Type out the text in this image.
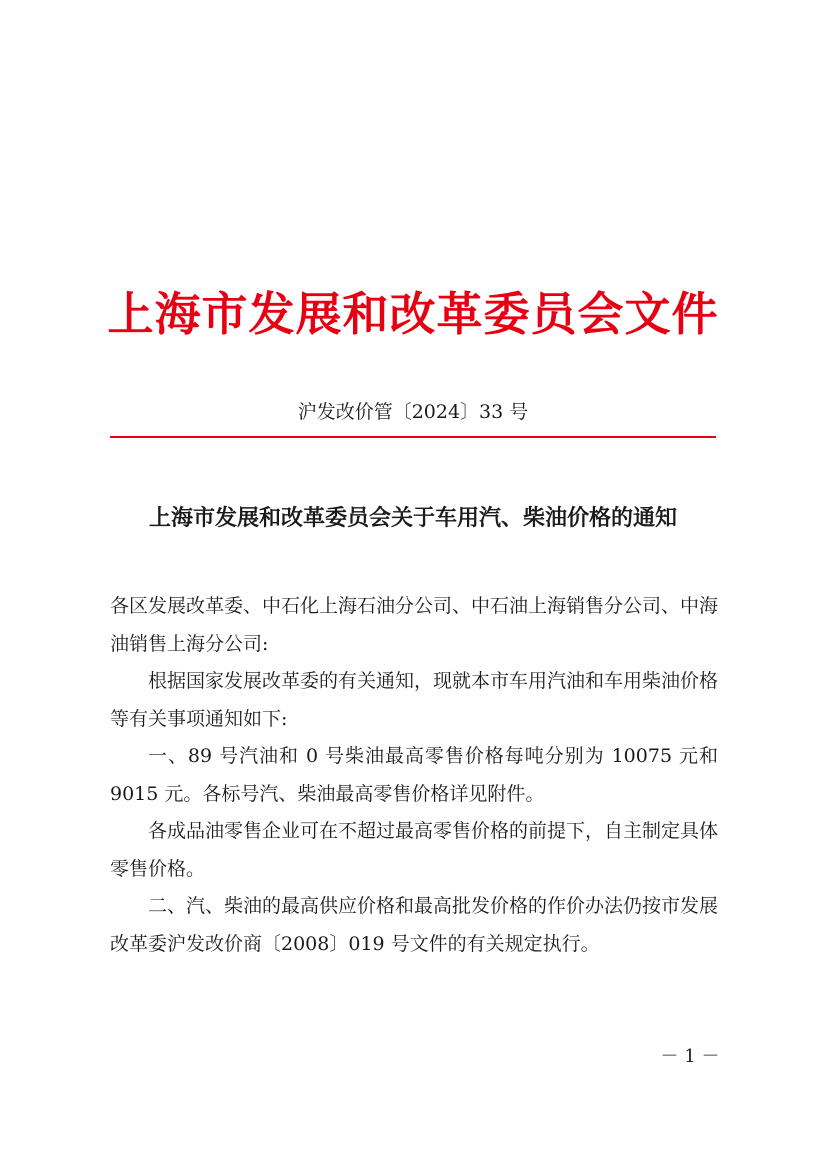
上海市发展和改革委员会文件
沪发改价管〔2024〕33 号
上海市发展和改革委员会关于车用汽、柴油价格的通知

各区发展改革委、中石化上海石油分公司、中石油上海销售分公司、中海油销售上海分公司:

根据国家发展改革委的有关通知，现就本市车用汽油和车用柴油价格等有关事项通知如下:

一、89 号汽油和 0 号柴油最高零售价格每吨分别为 10075 元和 9015 元。各标号汽、柴油最高零售价格详见附件。

各成品油零售企业可在不超过最高零售价格的前提下，自主制定具体零售价格。

二、汽、柴油的最高供应价格和最高批发价格的作价办法仍按市发展改革委沪发改价商〔2008〕019 号文件的有关规定执行。

－ 1 －
